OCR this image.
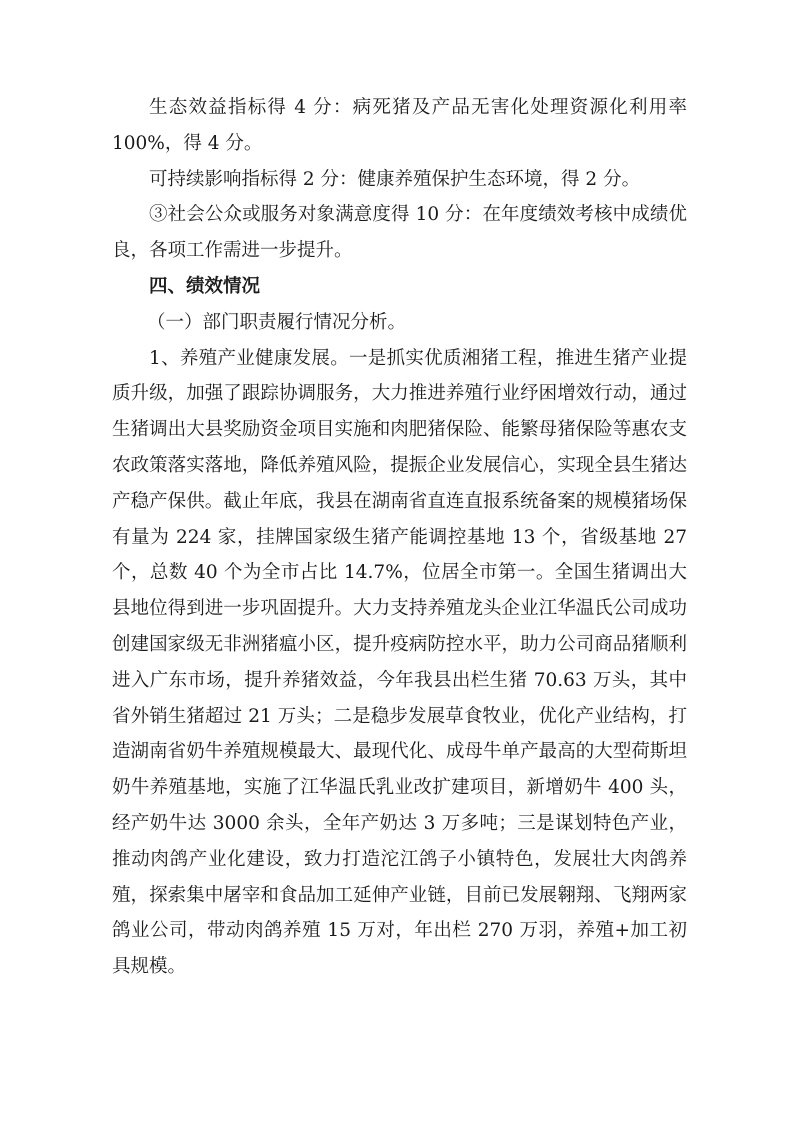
生态效益指标得 4 分：病死猪及产品无害化处理资源化利用率 100%，得 4 分。

可持续影响指标得 2 分：健康养殖保护生态环境，得 2 分。

③社会公众或服务对象满意度得 10 分：在年度绩效考核中成绩优良，各项工作需进一步提升。

四、绩效情况

（一）部门职责履行情况分析。

1、养殖产业健康发展。一是抓实优质湘猪工程，推进生猪产业提质升级，加强了跟踪协调服务，大力推进养殖行业纾困增效行动，通过生猪调出大县奖励资金项目实施和肉肥猪保险、能繁母猪保险等惠农支农政策落实落地，降低养殖风险，提振企业发展信心，实现全县生猪达产稳产保供。截止年底，我县在湖南省直连直报系统备案的规模猪场保有量为 224 家，挂牌国家级生猪产能调控基地 13 个，省级基地 27 个，总数 40 个为全市占比 14.7%，位居全市第一。全国生猪调出大县地位得到进一步巩固提升。大力支持养殖龙头企业江华温氏公司成功创建国家级无非洲猪瘟小区，提升疫病防控水平，助力公司商品猪顺利进入广东市场，提升养猪效益，今年我县出栏生猪 70.63 万头，其中省外销生猪超过 21 万头；二是稳步发展草食牧业，优化产业结构，打造湖南省奶牛养殖规模最大、最现代化、成母牛单产最高的大型荷斯坦奶牛养殖基地，实施了江华温氏乳业改扩建项目，新增奶牛 400 头，经产奶牛达 3000 余头，全年产奶达 3 万多吨；三是谋划特色产业，推动肉鸽产业化建设，致力打造沱江鸽子小镇特色，发展壮大肉鸽养殖，探索集中屠宰和食品加工延伸产业链，目前已发展翱翔、飞翔两家鸽业公司，带动肉鸽养殖 15 万对，年出栏 270 万羽，养殖+加工初具规模。
